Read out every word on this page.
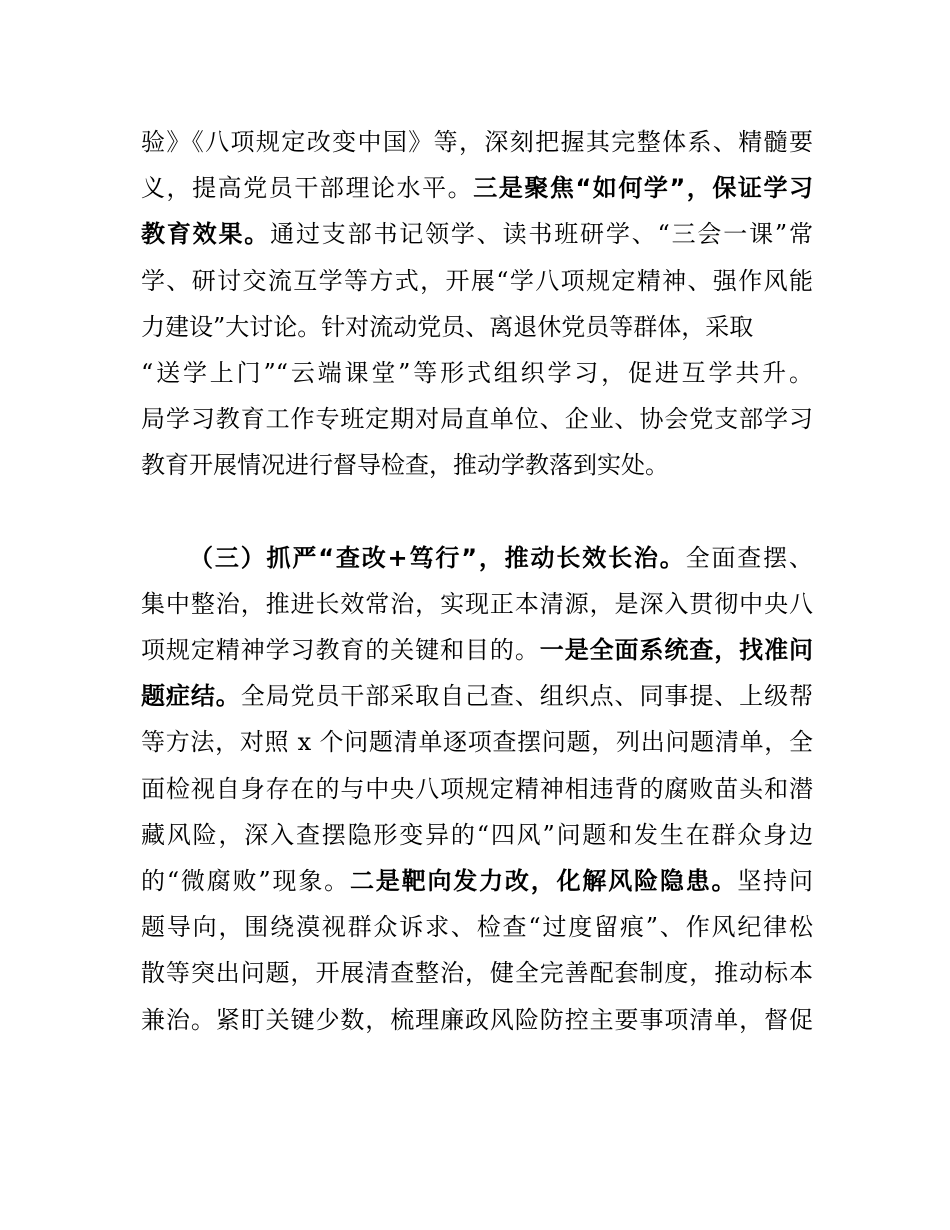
验》《八项规定改变中国》等，深刻把握其完整体系、精髓要
义，提高党员干部理论水平。三是聚焦“如何学”，保证学习
教育效果。通过支部书记领学、读书班研学、“三会一课”常
学、研讨交流互学等方式，开展“学八项规定精神、强作风能
力建设”大讨论。针对流动党员、离退休党员等群体，采取
“送学上门”“云端课堂”等形式组织学习，促进互学共升。
局学习教育工作专班定期对局直单位、企业、协会党支部学习
教育开展情况进行督导检查，推动学教落到实处。
（三）抓严“查改+笃行”，推动长效长治。全面查摆、
集中整治，推进长效常治，实现正本清源，是深入贯彻中央八
项规定精神学习教育的关键和目的。一是全面系统查，找准问
题症结。全局党员干部采取自己查、组织点、同事提、上级帮
等方法，对照 x 个问题清单逐项查摆问题，列出问题清单，全
面检视自身存在的与中央八项规定精神相违背的腐败苗头和潜
藏风险，深入查摆隐形变异的“四风”问题和发生在群众身边
的“微腐败”现象。二是靶向发力改，化解风险隐患。坚持问
题导向，围绕漠视群众诉求、检查“过度留痕”、作风纪律松
散等突出问题，开展清查整治，健全完善配套制度，推动标本
兼治。紧盯关键少数，梳理廉政风险防控主要事项清单，督促
